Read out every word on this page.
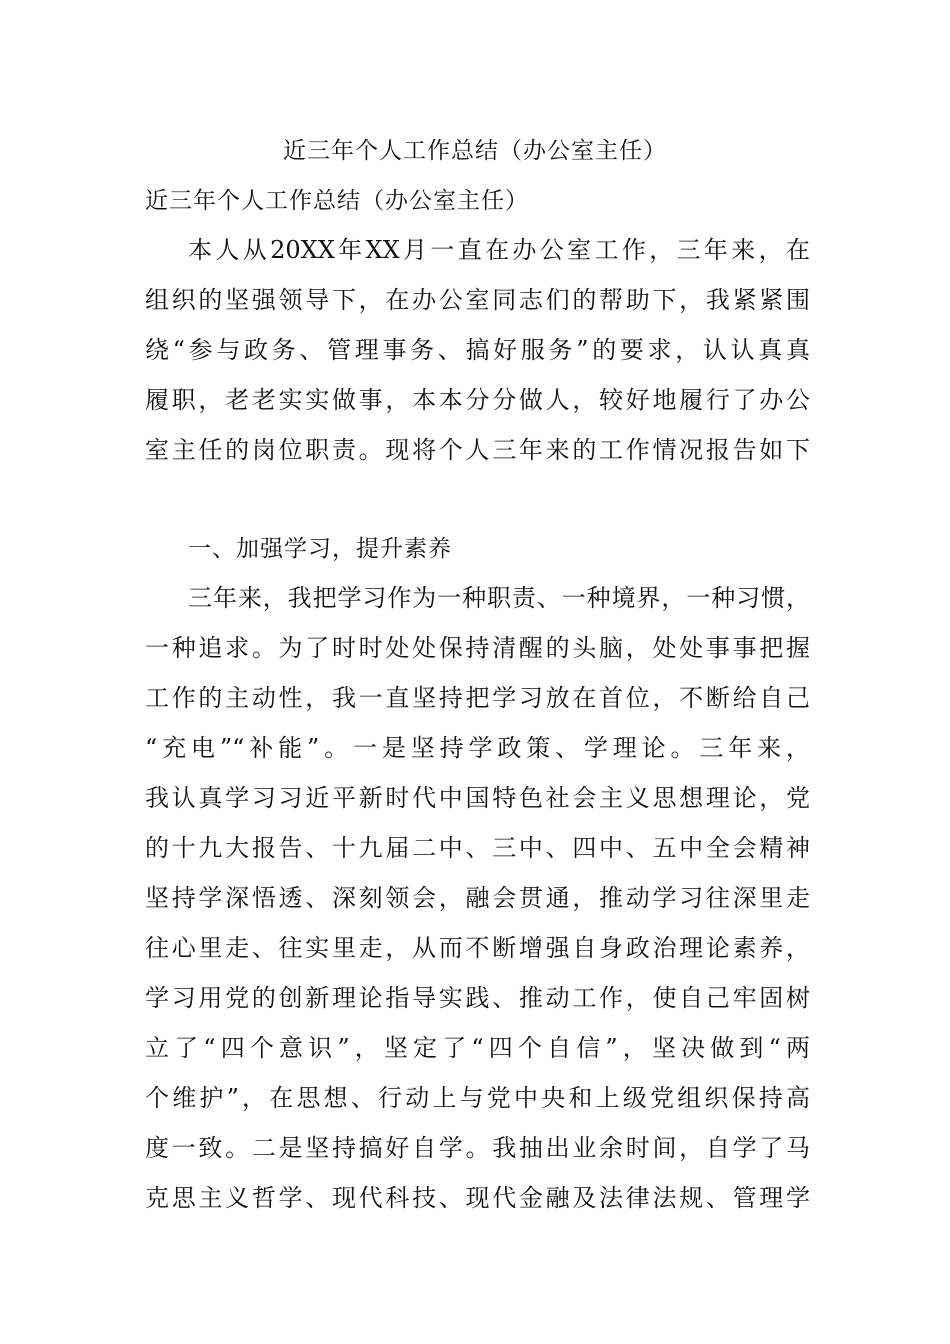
近三年个人工作总结（办公室主任）
近三年个人工作总结（办公室主任）
本人从20XX年XX月一直在办公室工作，三年来，在
组织的坚强领导下，在办公室同志们的帮助下，我紧紧围
绕“参与政务、管理事务、搞好服务”的要求，认认真真
履职，老老实实做事，本本分分做人，较好地履行了办公
室主任的岗位职责。现将个人三年来的工作情况报告如下
一、加强学习，提升素养
三年来，我把学习作为一种职责、一种境界，一种习惯，
一种追求。为了时时处处保持清醒的头脑，处处事事把握
工作的主动性，我一直坚持把学习放在首位，不断给自己
“充电”“补能”。一是坚持学政策、学理论。三年来，
我认真学习习近平新时代中国特色社会主义思想理论，党
的十九大报告、十九届二中、三中、四中、五中全会精神
坚持学深悟透、深刻领会，融会贯通，推动学习往深里走
往心里走、往实里走，从而不断增强自身政治理论素养，
学习用党的创新理论指导实践、推动工作，使自己牢固树
立了“四个意识”，坚定了“四个自信”，坚决做到“两
个维护”，在思想、行动上与党中央和上级党组织保持高
度一致。二是坚持搞好自学。我抽出业余时间，自学了马
克思主义哲学、现代科技、现代金融及法律法规、管理学
